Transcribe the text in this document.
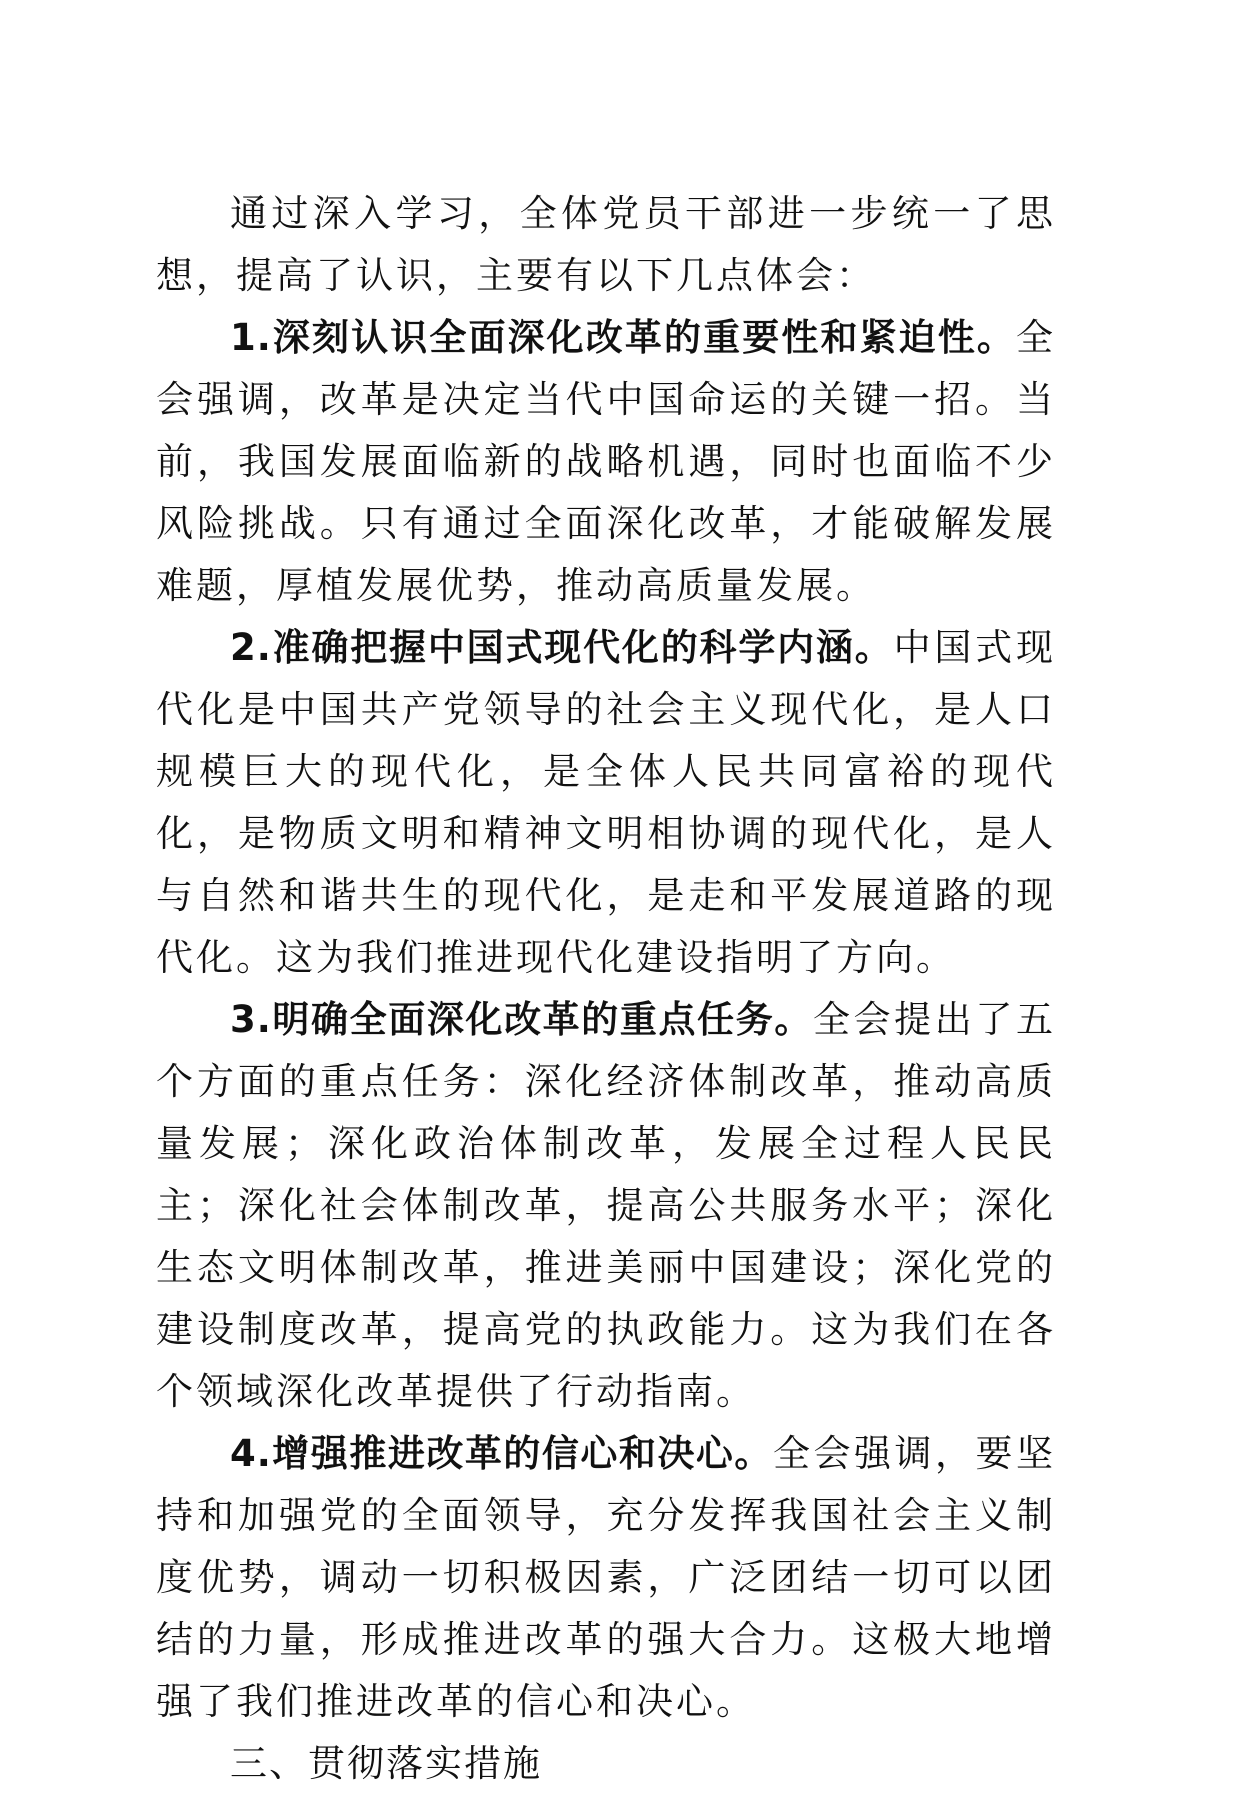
通过深入学习，全体党员干部进一步统一了思想，提高了认识，主要有以下几点体会：

1.深刻认识全面深化改革的重要性和紧迫性。全会强调，改革是决定当代中国命运的关键一招。当前，我国发展面临新的战略机遇，同时也面临不少风险挑战。只有通过全面深化改革，才能破解发展难题，厚植发展优势，推动高质量发展。

2.准确把握中国式现代化的科学内涵。中国式现代化是中国共产党领导的社会主义现代化，是人口规模巨大的现代化，是全体人民共同富裕的现代化，是物质文明和精神文明相协调的现代化，是人与自然和谐共生的现代化，是走和平发展道路的现代化。这为我们推进现代化建设指明了方向。

3.明确全面深化改革的重点任务。全会提出了五个方面的重点任务：深化经济体制改革，推动高质量发展；深化政治体制改革，发展全过程人民民主；深化社会体制改革，提高公共服务水平；深化生态文明体制改革，推进美丽中国建设；深化党的建设制度改革，提高党的执政能力。这为我们在各个领域深化改革提供了行动指南。

4.增强推进改革的信心和决心。全会强调，要坚持和加强党的全面领导，充分发挥我国社会主义制度优势，调动一切积极因素，广泛团结一切可以团结的力量，形成推进改革的强大合力。这极大地增强了我们推进改革的信心和决心。

三、贯彻落实措施
